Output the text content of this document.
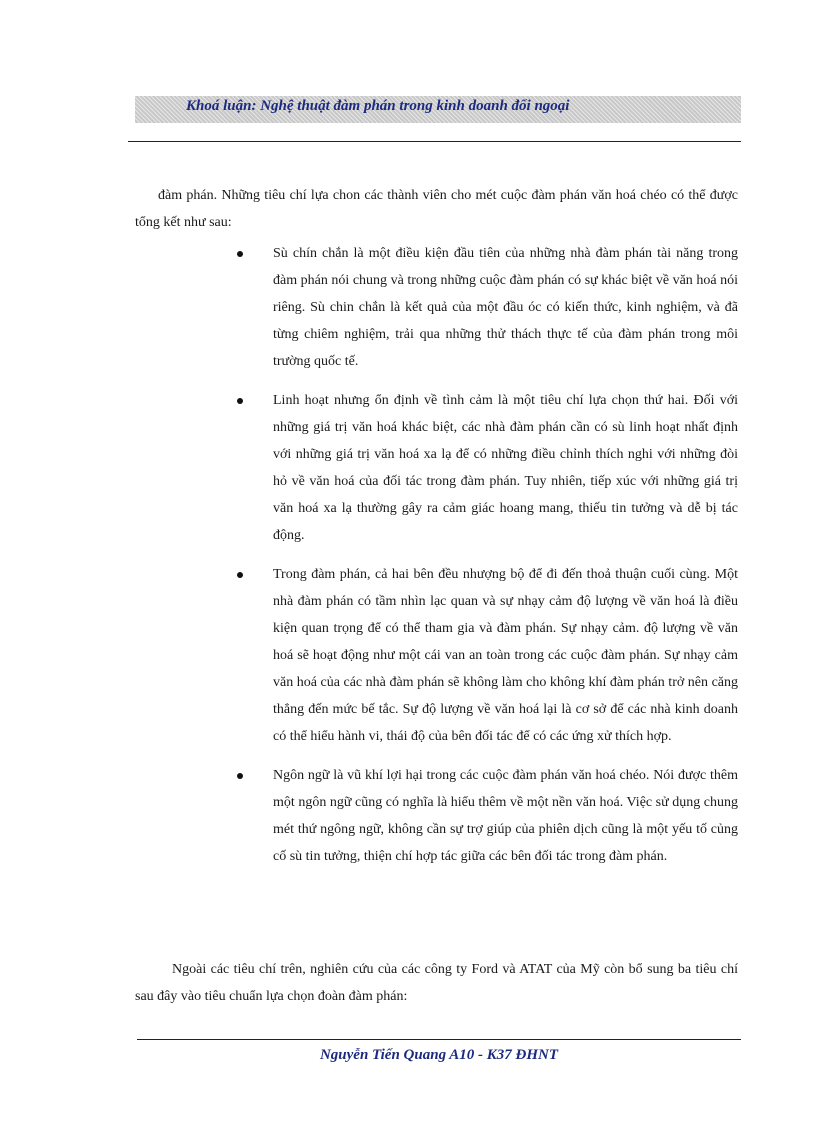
Khoá luận: Nghệ thuật đàm phán trong kinh doanh đối ngoại

đàm phán. Những tiêu chí lựa chon các thành viên cho mét cuộc đàm phán văn hoá chéo có thể được tổng kết như sau:

Sù chín chắn là một điều kiện đầu tiên của những nhà đàm phán tài năng trong đàm phán nói chung và trong những cuộc đàm phán có sự khác biệt về văn hoá nói riêng. Sù chin chắn là kết quả của một đầu óc có kiến thức, kinh nghiệm, và đã từng chiêm nghiệm, trải qua những thử thách thực tế của đàm phán trong môi trường quốc tế.
Linh hoạt nhưng ổn định về tình cảm là một tiêu chí lựa chọn thứ hai. Đối với những giá trị văn hoá khác biệt, các nhà đàm phán cần có sù linh hoạt nhất định với những giá trị văn hoá xa lạ để có những điều chỉnh thích nghi với những đòi hỏ về văn hoá của đối tác trong đàm phán. Tuy nhiên, tiếp xúc với những giá trị văn hoá xa lạ thường gây ra cảm giác hoang mang, thiếu tin tưởng và dễ bị tác động.
Trong đàm phán, cả hai bên đều nhượng bộ để đi đến thoả thuận cuối cùng. Một nhà đàm phán có tầm nhìn lạc quan và sự nhạy cảm độ lượng về văn hoá là điều kiện quan trọng để có thể tham gia và đàm phán. Sự nhạy cảm. độ lượng về văn hoá sẽ hoạt động như một cái van an toàn trong các cuộc đàm phán. Sự nhạy cảm văn hoá của các nhà đàm phán sẽ không làm cho không khí đàm phán trở nên căng thẳng đến mức bế tắc. Sự độ lượng về văn hoá lại là cơ sở để các nhà kinh doanh có thể hiểu hành vi, thái độ của bên đối tác để có các ứng xử thích hợp.
Ngôn ngữ là vũ khí lợi hại trong các cuộc đàm phán văn hoá chéo. Nói được thêm một ngôn ngữ cũng có nghĩa là hiểu thêm về một nền văn hoá. Việc sử dụng chung mét thứ ngông ngữ, không cần sự trợ giúp của phiên dịch cũng là một yếu tố củng cố sù tin tưởng, thiện chí hợp tác giữa các bên đối tác trong đàm phán.

Ngoài các tiêu chí trên, nghiên cứu của các công ty Ford và ATAT của Mỹ còn bổ sung ba tiêu chí sau đây vào tiêu chuẩn lựa chọn đoàn đàm phán:

Nguyễn Tiến Quang A10 - K37 ĐHNT
